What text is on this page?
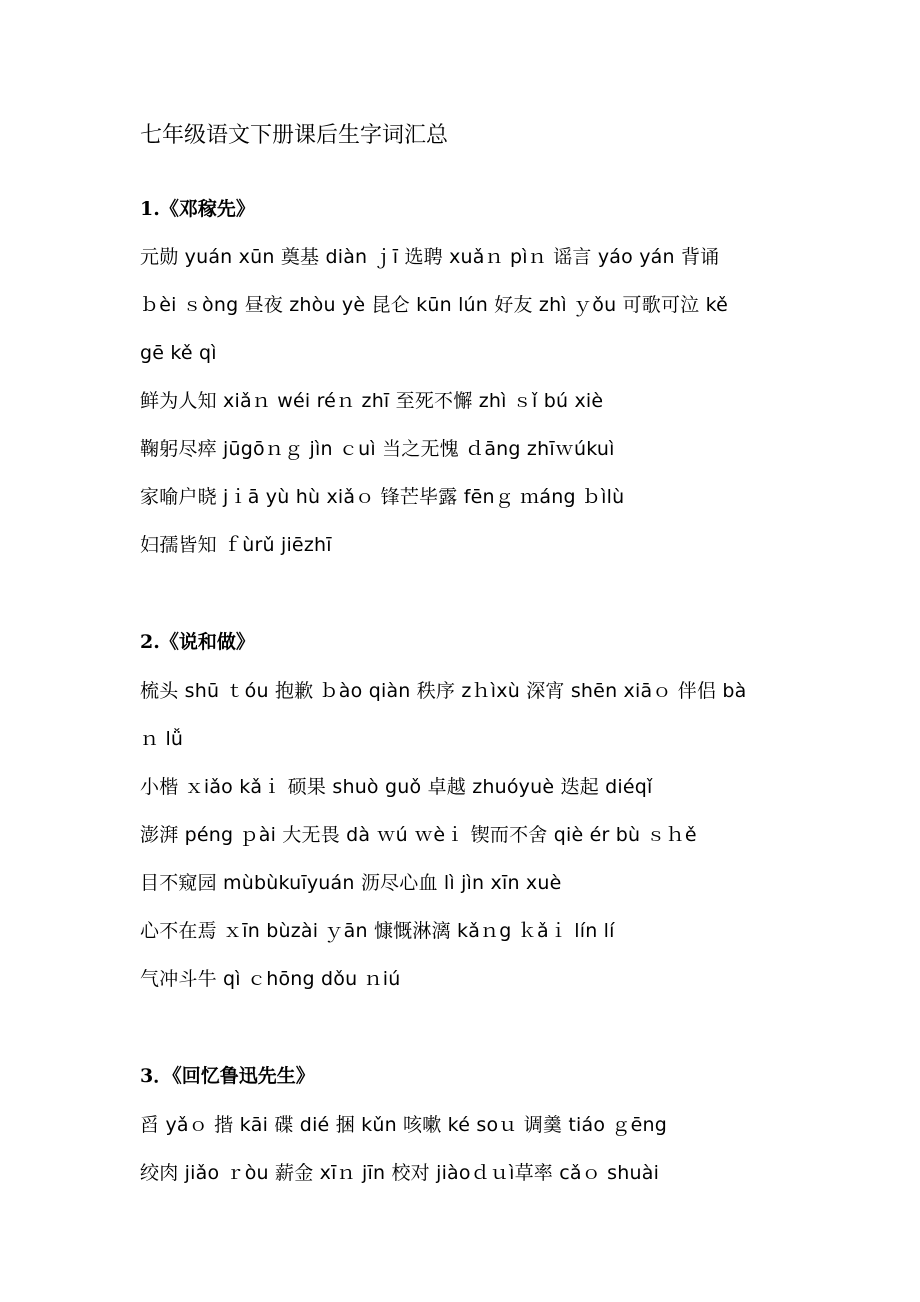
七年级语文下册课后生字词汇总
1.《邓稼先》
元勋 yuán xūn 奠基 diàn ｊī 选聘 xuǎｎ pìｎ 谣言 yáo yán 背诵
ｂèi ｓòng 昼夜 zhòu yè 昆仑 kūn lún 好友 zhì ｙǒu 可歌可泣 kě
gē kě qì
鲜为人知 xiǎｎ wéi réｎ zhī 至死不懈 zhì ｓǐ bú xiè
鞠躬尽瘁 jūgōｎｇ jìn ｃuì 当之无愧 ｄāng zhīｗúkuì
家喻户晓 jｉā yù hù xiǎｏ 锋芒毕露 fēnｇ ｍáng ｂìlù
妇孺皆知 ｆùrǔ jiēzhī
2.《说和做》
梳头 shū ｔóu 抱歉 ｂào qiàn 秩序 zｈìxù 深宵 shēn xiāｏ 伴侣 bà
ｎ lǚ
小楷 ｘiǎo kǎｉ 硕果 shuò guǒ 卓越 zhuóyuè 迭起 diéqǐ
澎湃 péng ｐài 大无畏 dà ｗú ｗèｉ 锲而不舍 qiè ér bù ｓｈě
目不窥园 mùbùkuīyuán 沥尽心血 lì jìn xīn xuè
心不在焉 ｘīn bùzài ｙān 慷慨淋漓 kǎｎg ｋǎｉ lín lí
气冲斗牛 qì ｃhōng dǒu ｎiú
3．《回忆鲁迅先生》
舀 yǎｏ 揩 kāi 碟 dié 捆 kǔn 咳嗽 ké soｕ 调羹 tiáo ｇēng
绞肉 jiǎo ｒòu 薪金 xīｎ jīn 校对 jiàoｄｕì草率 cǎｏ shuài
